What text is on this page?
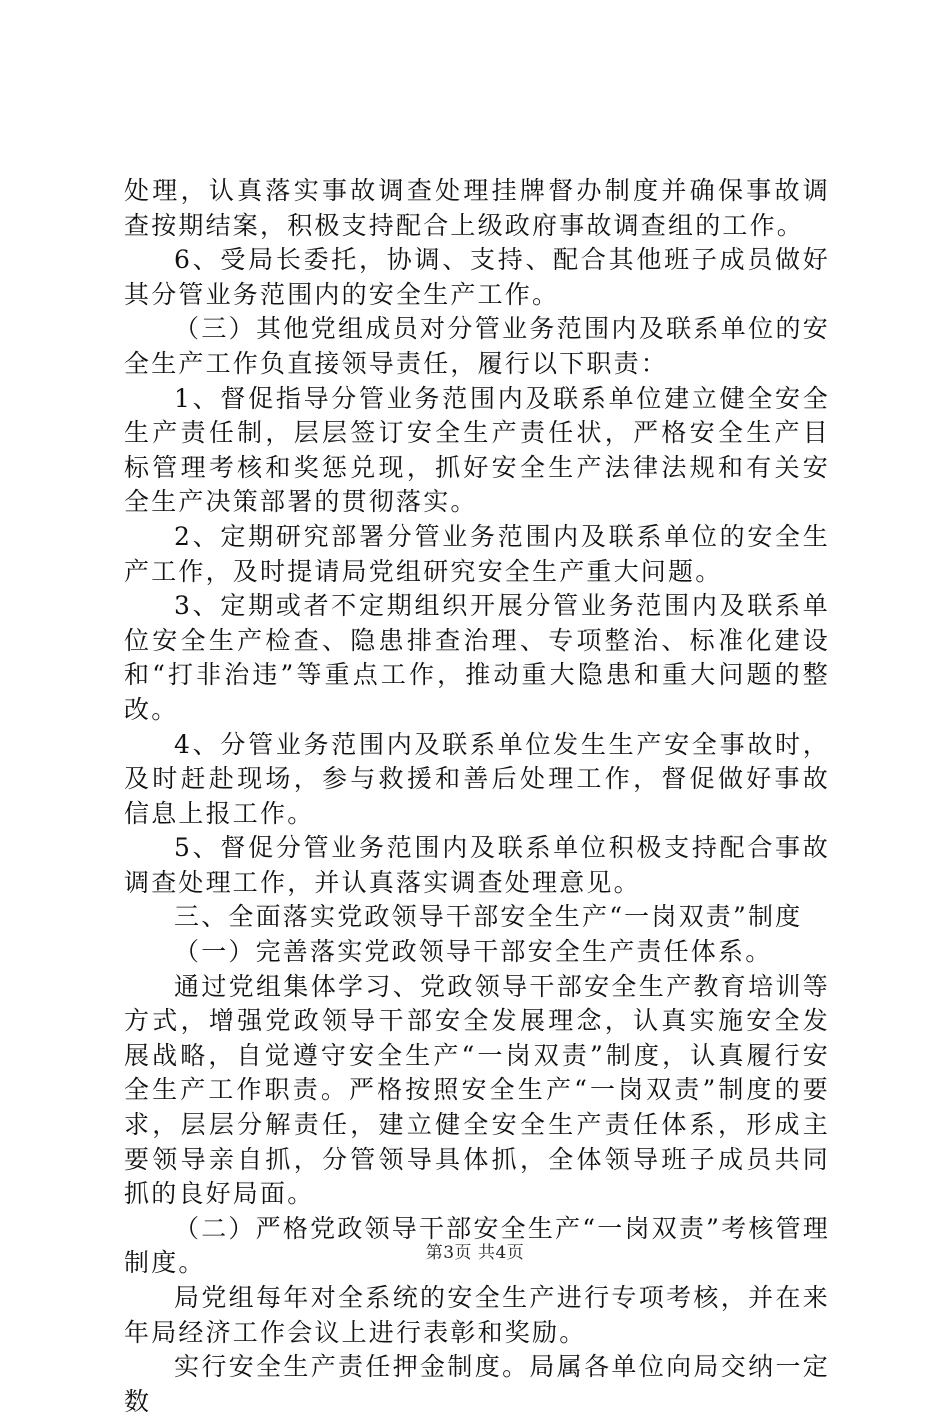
处理，认真落实事故调查处理挂牌督办制度并确保事故调查按期结案，积极支持配合上级政府事故调查组的工作。

6、受局长委托，协调、支持、配合其他班子成员做好其分管业务范围内的安全生产工作。

（三）其他党组成员对分管业务范围内及联系单位的安全生产工作负直接领导责任，履行以下职责：

1、督促指导分管业务范围内及联系单位建立健全安全生产责任制，层层签订安全生产责任状，严格安全生产目标管理考核和奖惩兑现，抓好安全生产法律法规和有关安全生产决策部署的贯彻落实。

2、定期研究部署分管业务范围内及联系单位的安全生产工作，及时提请局党组研究安全生产重大问题。

3、定期或者不定期组织开展分管业务范围内及联系单位安全生产检查、隐患排查治理、专项整治、标准化建设和“打非治违”等重点工作，推动重大隐患和重大问题的整改。

4、分管业务范围内及联系单位发生生产安全事故时，及时赶赴现场，参与救援和善后处理工作，督促做好事故信息上报工作。

5、督促分管业务范围内及联系单位积极支持配合事故调查处理工作，并认真落实调查处理意见。

三、全面落实党政领导干部安全生产“一岗双责”制度

（一）完善落实党政领导干部安全生产责任体系。

通过党组集体学习、党政领导干部安全生产教育培训等方式，增强党政领导干部安全发展理念，认真实施安全发展战略，自觉遵守安全生产“一岗双责”制度，认真履行安全生产工作职责。严格按照安全生产“一岗双责”制度的要求，层层分解责任，建立健全安全生产责任体系，形成主要领导亲自抓，分管领导具体抓，全体领导班子成员共同抓的良好局面。

（二）严格党政领导干部安全生产“一岗双责”考核管理制度。

局党组每年对全系统的安全生产进行专项考核，并在来年局经济工作会议上进行表彰和奖励。

实行安全生产责任押金制度。局属各单位向局交纳一定数

第3页 共4页
